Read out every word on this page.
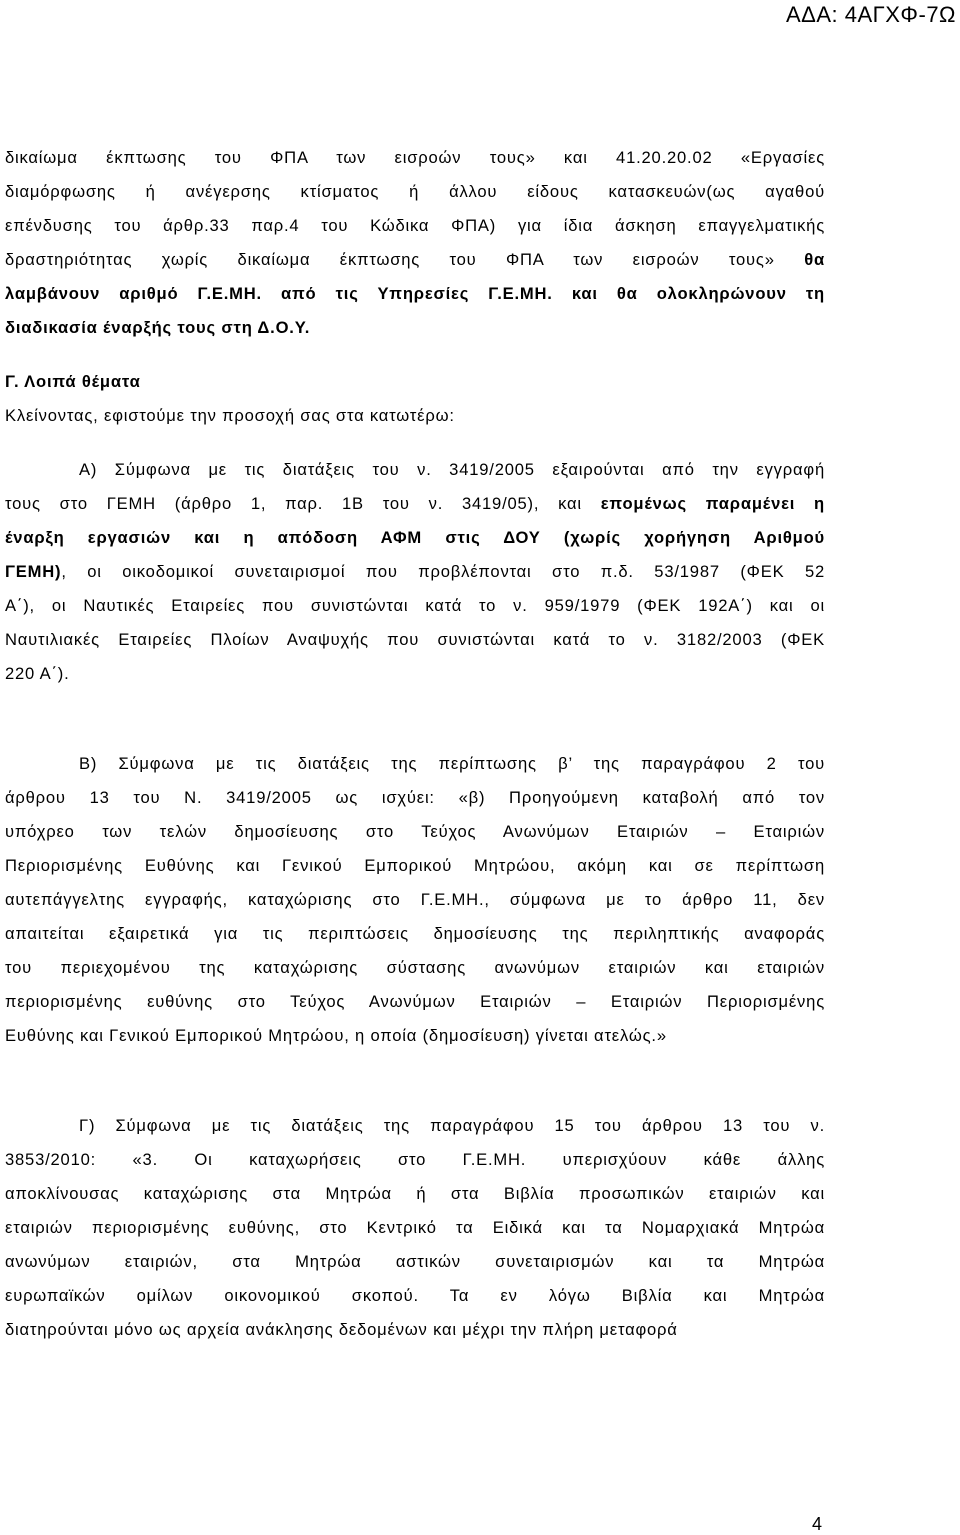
ΑΔΑ: 4ΑΓΧΦ-7Ω
δικαίωμα έκπτωσης του ΦΠΑ των εισροών τους» και 41.20.20.02 «Εργασίες
διαμόρφωσης ή ανέγερσης κτίσματος ή άλλου είδους κατασκευών(ως αγαθού
επένδυσης του άρθρ.33 παρ.4 του Κώδικα ΦΠΑ) για ίδια άσκηση επαγγελματικής
δραστηριότητας χωρίς δικαίωμα έκπτωσης του ΦΠΑ των εισροών τους» θα
λαμβάνουν αριθμό Γ.Ε.ΜΗ. από τις Υπηρεσίες Γ.Ε.ΜΗ. και θα ολοκληρώνουν τη
διαδικασία έναρξής τους στη Δ.Ο.Υ.
Γ. Λοιπά θέματα
Κλείνοντας, εφιστούμε την προσοχή σας στα κατωτέρω:
Α) Σύμφωνα με τις διατάξεις του ν. 3419/2005 εξαιρούνται από την εγγραφή
τους στο ΓΕΜΗ (άρθρο 1, παρ. 1Β του ν. 3419/05), και επομένως παραμένει η
έναρξη εργασιών και η απόδοση ΑΦΜ στις ΔΟΥ (χωρίς χορήγηση Αριθμού
ΓΕΜΗ), οι οικοδομικοί συνεταιρισμοί που προβλέπονται στο π.δ. 53/1987 (ΦΕΚ 52
Α΄), οι Ναυτικές Εταιρείες που συνιστώνται κατά το ν. 959/1979 (ΦΕΚ 192Α΄) και οι
Ναυτιλιακές Εταιρείες Πλοίων Αναψυχής που συνιστώνται κατά το ν. 3182/2003 (ΦΕΚ
220 Α΄).
Β) Σύμφωνα με τις διατάξεις της περίπτωσης β’ της παραγράφου 2 του
άρθρου 13 του Ν. 3419/2005 ως ισχύει: «β) Προηγούμενη καταβολή από τον
υπόχρεο των τελών δημοσίευσης στο Τεύχος Ανωνύμων Εταιριών – Εταιριών
Περιορισμένης Ευθύνης και Γενικού Εμπορικού Μητρώου, ακόμη και σε περίπτωση
αυτεπάγγελτης εγγραφής, καταχώρισης στο Γ.Ε.ΜΗ., σύμφωνα με το άρθρο 11, δεν
απαιτείται εξαιρετικά για τις περιπτώσεις δημοσίευσης της περιληπτικής αναφοράς
του περιεχομένου της καταχώρισης σύστασης ανωνύμων εταιριών και εταιριών
περιορισμένης ευθύνης στο Τεύχος Ανωνύμων Εταιριών – Εταιριών Περιορισμένης
Ευθύνης και Γενικού Εμπορικού Μητρώου, η οποία (δημοσίευση) γίνεται ατελώς.»
Γ) Σύμφωνα με τις διατάξεις της παραγράφου 15 του άρθρου 13 του ν.
3853/2010: «3. Οι καταχωρήσεις στο Γ.Ε.ΜΗ. υπερισχύουν κάθε άλλης
αποκλίνουσας καταχώρισης στα Μητρώα ή στα Βιβλία προσωπικών εταιριών και
εταιριών περιορισμένης ευθύνης, στο Κεντρικό τα Ειδικά και τα Νομαρχιακά Μητρώα
ανωνύμων εταιριών, στα Μητρώα αστικών συνεταιρισμών και τα Μητρώα
ευρωπαϊκών ομίλων οικονομικού σκοπού. Τα εν λόγω Βιβλία και Μητρώα
διατηρούνται μόνο ως αρχεία ανάκλησης δεδομένων και μέχρι την πλήρη μεταφορά
4
